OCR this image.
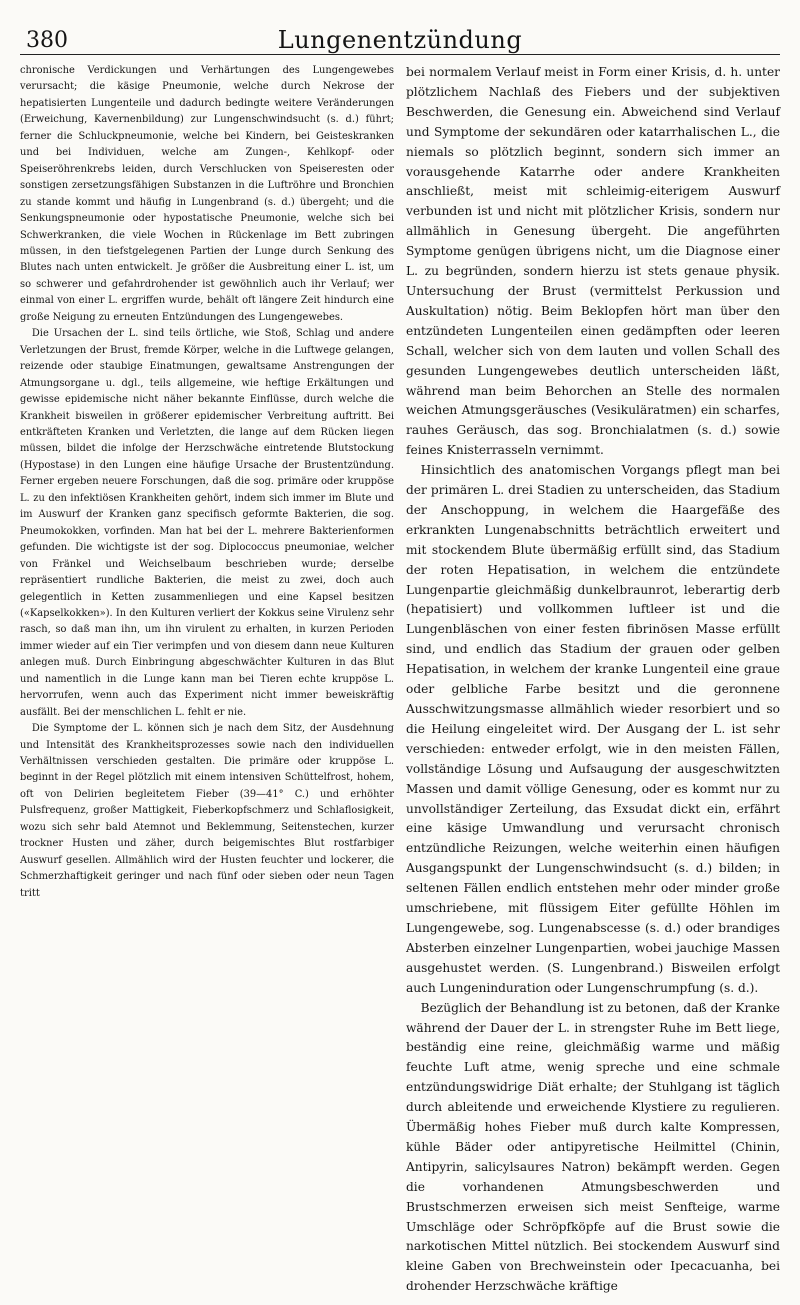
380	Lungenentzündung

chronische Verdickungen und Verhärtungen des Lungengewebes verursacht; die käsige Pneumonie, welche durch Nekrose der hepatisierten Lungenteile und dadurch bedingte weitere Veränderungen (Erweichung, Kavernenbildung) zur Lungenschwindsucht (s. d.) führt; ferner die Schluckpneumonie, welche bei Kindern, bei Geisteskranken und bei Individuen, welche am Zungen-, Kehlkopf- oder Speiseröhrenkrebs leiden, durch Verschlucken von Speiseresten oder sonstigen zersetzungsfähigen Substanzen in die Luftröhre und Bronchien zu stande kommt und häufig in Lungenbrand (s. d.) übergeht; und die Senkungspneumonie oder hypostatische Pneumonie, welche sich bei Schwerkranken, die viele Wochen in Rückenlage im Bett zubringen müssen, in den tiefstgelegenen Partien der Lunge durch Senkung des Blutes nach unten entwickelt. Je größer die Ausbreitung einer L. ist, um so schwerer und gefahrdrohender ist gewöhnlich auch ihr Verlauf; wer einmal von einer L. ergriffen wurde, behält oft längere Zeit hindurch eine große Neigung zu erneuten Entzündungen des Lungengewebes.

Die Ursachen der L. sind teils örtliche, wie Stoß, Schlag und andere Verletzungen der Brust, fremde Körper, welche in die Luftwege gelangen, reizende oder staubige Einatmungen, gewaltsame Anstrengungen der Atmungsorgane u. dgl., teils allgemeine, wie heftige Erkältungen und gewisse epidemische nicht näher bekannte Einflüsse, durch welche die Krankheit bisweilen in größerer epidemischer Verbreitung auftritt. Bei entkräfteten Kranken und Verletzten, die lange auf dem Rücken liegen müssen, bildet die infolge der Herzschwäche eintretende Blutstockung (Hypostase) in den Lungen eine häufige Ursache der Brustentzündung. Ferner ergeben neuere Forschungen, daß die sog. primäre oder kruppöse L. zu den infektiösen Krankheiten gehört, indem sich immer im Blute und im Auswurf der Kranken ganz specifisch geformte Bakterien, die sog. Pneumokokken, vorfinden. Man hat bei der L. mehrere Bakterienformen gefunden. Die wichtigste ist der sog. Diplococcus pneumoniae, welcher von Fränkel und Weichselbaum beschrieben wurde; derselbe repräsentiert rundliche Bakterien, die meist zu zwei, doch auch gelegentlich in Ketten zusammenliegen und eine Kapsel besitzen («Kapselkokken»). In den Kulturen verliert der Kokkus seine Virulenz sehr rasch, so daß man ihn, um ihn virulent zu erhalten, in kurzen Perioden immer wieder auf ein Tier verimpfen und von diesem dann neue Kulturen anlegen muß. Durch Einbringung abgeschwächter Kulturen in das Blut und namentlich in die Lunge kann man bei Tieren echte kruppöse L. hervorrufen, wenn auch das Experiment nicht immer beweiskräftig ausfällt. Bei der menschlichen L. fehlt er nie.

Die Symptome der L. können sich je nach dem Sitz, der Ausdehnung und Intensität des Krankheitsprozesses sowie nach den individuellen Verhältnissen verschieden gestalten. Die primäre oder kruppöse L. beginnt in der Regel plötzlich mit einem intensiven Schüttelfrost, hohem, oft von Delirien begleitetem Fieber (39—41° C.) und erhöhter Pulsfrequenz, großer Mattigkeit, Fieberkopfschmerz und Schlaflosigkeit, wozu sich sehr bald Atemnot und Beklemmung, Seitenstechen, kurzer trockner Husten und zäher, durch beigemischtes Blut rostfarbiger Auswurf gesellen. Allmählich wird der Husten feuchter und lockerer, die Schmerzhaftigkeit geringer und nach fünf oder sieben oder neun Tagen tritt

bei normalem Verlauf meist in Form einer Krisis, d. h. unter plötzlichem Nachlaß des Fiebers und der subjektiven Beschwerden, die Genesung ein. Abweichend sind Verlauf und Symptome der sekundären oder katarrhalischen L., die niemals so plötzlich beginnt, sondern sich immer an vorausgehende Katarrhe oder andere Krankheiten anschließt, meist mit schleimig-eiterigem Auswurf verbunden ist und nicht mit plötzlicher Krisis, sondern nur allmählich in Genesung übergeht. Die angeführten Symptome genügen übrigens nicht, um die Diagnose einer L. zu begründen, sondern hierzu ist stets genaue physik. Untersuchung der Brust (vermittelst Perkussion und Auskultation) nötig. Beim Beklopfen hört man über den entzündeten Lungenteilen einen gedämpften oder leeren Schall, welcher sich von dem lauten und vollen Schall des gesunden Lungengewebes deutlich unterscheiden läßt, während man beim Behorchen an Stelle des normalen weichen Atmungsgeräusches (Vesikuläratmen) ein scharfes, rauhes Geräusch, das sog. Bronchialatmen (s. d.) sowie feines Knisterrasseln vernimmt.

Hinsichtlich des anatomischen Vorgangs pflegt man bei der primären L. drei Stadien zu unterscheiden, das Stadium der Anschoppung, in welchem die Haargefäße des erkrankten Lungenabschnitts beträchtlich erweitert und mit stockendem Blute übermäßig erfüllt sind, das Stadium der roten Hepatisation, in welchem die entzündete Lungenpartie gleichmäßig dunkelbraunrot, leberartig derb (hepatisiert) und vollkommen luftleer ist und die Lungenbläschen von einer festen fibrinösen Masse erfüllt sind, und endlich das Stadium der grauen oder gelben Hepatisation, in welchem der kranke Lungenteil eine graue oder gelbliche Farbe besitzt und die geronnene Ausschwitzungsmasse allmählich wieder resorbiert und so die Heilung eingeleitet wird. Der Ausgang der L. ist sehr verschieden: entweder erfolgt, wie in den meisten Fällen, vollständige Lösung und Aufsaugung der ausgeschwitzten Massen und damit völlige Genesung, oder es kommt nur zu unvollständiger Zerteilung, das Exsudat dickt ein, erfährt eine käsige Umwandlung und verursacht chronisch entzündliche Reizungen, welche weiterhin einen häufigen Ausgangspunkt der Lungenschwindsucht (s. d.) bilden; in seltenen Fällen endlich entstehen mehr oder minder große umschriebene, mit flüssigem Eiter gefüllte Höhlen im Lungengewebe, sog. Lungenabscesse (s. d.) oder brandiges Absterben einzelner Lungenpartien, wobei jauchige Massen ausgehustet werden. (S. Lungenbrand.) Bisweilen erfolgt auch Lungeninduration oder Lungenschrumpfung (s. d.).

Bezüglich der Behandlung ist zu betonen, daß der Kranke während der Dauer der L. in strengster Ruhe im Bett liege, beständig eine reine, gleichmäßig warme und mäßig feuchte Luft atme, wenig spreche und eine schmale entzündungswidrige Diät erhalte; der Stuhlgang ist täglich durch ableitende und erweichende Klystiere zu regulieren. Übermäßig hohes Fieber muß durch kalte Kompressen, kühle Bäder oder antipyretische Heilmittel (Chinin, Antipyrin, salicylsaures Natron) bekämpft werden. Gegen die vorhandenen Atmungsbeschwerden und Brustschmerzen erweisen sich meist Senfteige, warme Umschläge oder Schröpfköpfe auf die Brust sowie die narkotischen Mittel nützlich. Bei stockendem Auswurf sind kleine Gaben von Brechweinstein oder Ipecacuanha, bei drohender Herzschwäche kräftige
